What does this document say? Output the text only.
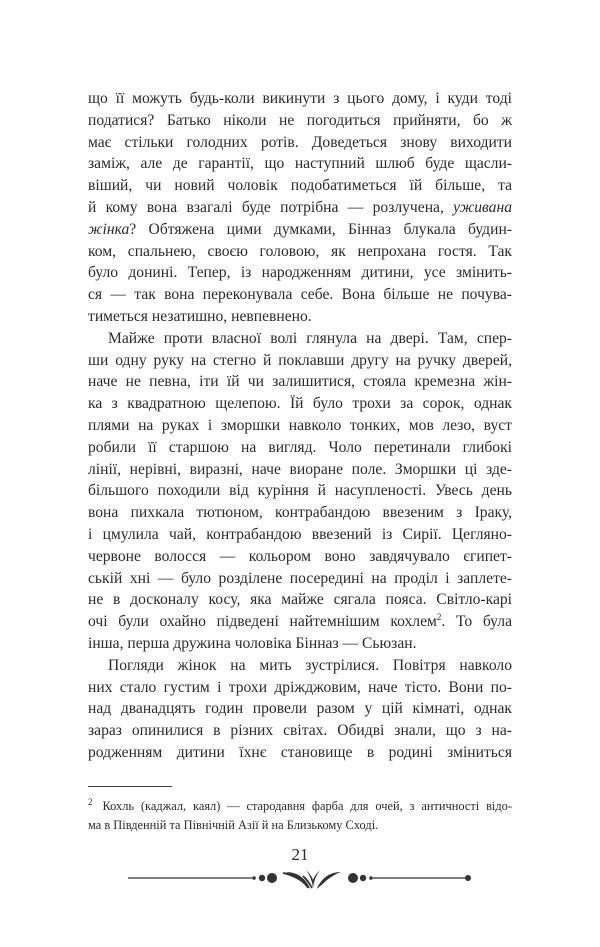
що її можуть будь-коли викинути з цього дому, і куди тоді
податися? Батько ніколи не погодиться прийняти, бо ж
має стільки голодних ротів. Доведеться знову виходити
заміж, але де гарантії, що наступний шлюб буде щасли-
віший, чи новий чоловік подобатиметься їй більше, та
й кому вона взагалі буде потрібна — розлучена, уживана
жінка? Обтяжена цими думками, Бінназ блукала будин-
ком, спальнею, своєю головою, як непрохана гостя. Так
було донині. Тепер, із народженням дитини, усе змінить-
ся — так вона переконувала себе. Вона більше не почува-
тиметься незатишно, невпевнено.
Майже проти власної волі глянула на двері. Там, спер-
ши одну руку на стегно й поклавши другу на ручку дверей,
наче не певна, іти їй чи залишитися, стояла кремезна жін-
ка з квадратною щелепою. Їй було трохи за сорок, однак
плями на руках і зморшки навколо тонких, мов лезо, вуст
робили її старшою на вигляд. Чоло перетинали глибокі
лінії, нерівні, виразні, наче виоране поле. Зморшки ці зде-
більшого походили від куріння й насупленості. Увесь день
вона пихкала тютюном, контрабандою ввезеним з Іраку,
і цмулила чай, контрабандою ввезений із Сирії. Цегляно-
червоне волосся — кольором воно завдячувало єгипет-
ській хні — було розділене посередині на проділ і заплете-
не в досконалу косу, яка майже сягала пояса. Світло-карі
очі були охайно підведені найтемнішим кохлем$^2$. То була
інша, перша дружина чоловіка Бінназ — Сьюзан.
Погляди жінок на мить зустрілися. Повітря навколо
них стало густим і трохи дріжджовим, наче тісто. Вони по-
над дванадцять годин провели разом у цій кімнаті, однак
зараз опинилися в різних світах. Обидві знали, що з на-
родженням дитини їхнє становище в родині зміниться
$^2$ Кохль (каджал, каял) — стародавня фарба для очей, з античності відо-
ма в Південній та Північній Азії й на Близькому Сході.
21
